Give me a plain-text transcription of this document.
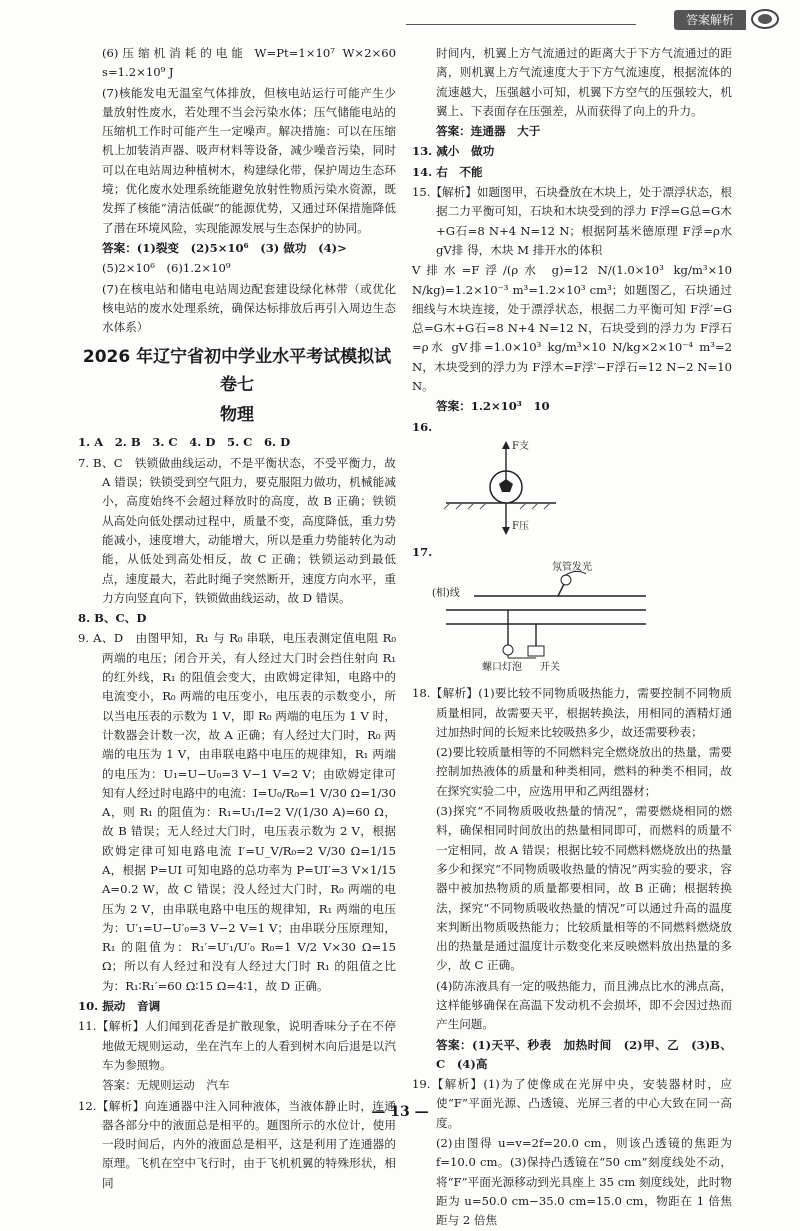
答案解析

(6)压缩机消耗的电能 W=Pt=1×10⁷ W×2×60 s=1.2×10⁹ J

(7)核能发电无温室气体排放，但核电站运行可能产生少量放射性废水，若处理不当会污染水体；压气储能电站的压缩机工作时可能产生一定噪声。解决措施：可以在压缩机上加装消声器、吸声材料等设备，减少噪音污染，同时可以在电站周边种植树木，构建绿化带，保护周边生态环境；优化废水处理系统能避免放射性物质污染水资源，既发挥了核能“清洁低碳”的能源优势，又通过环保措施降低了潜在环境风险，实现能源发展与生态保护的协同。

答案：(1)裂变　(2)5×10⁶　(3) 做功　(4)>

(5)2×10⁶　(6)1.2×10⁹

(7)在核电站和储电电站周边配套建设绿化林带（或优化核电站的废水处理系统，确保达标排放后再引入周边生态水体系）

2026 年辽宁省初中学业水平考试模拟试卷七
物理

1. A　2. B　3. C　4. D　5. C　6. D

7. B、C　铁锁做曲线运动，不是平衡状态，不受平衡力，故 A 错误；铁锁受到空气阻力，要克服阻力做功，机械能减小，高度始终不会超过释放时的高度，故 B 正确；铁锁从高处向低处摆动过程中，质量不变，高度降低，重力势能减小，速度增大，动能增大，所以是重力势能转化为动能，从低处到高处相反，故 C 正确；铁锁运动到最低点，速度最大，若此时绳子突然断开，速度方向水平，重力方向竖直向下，铁锁做曲线运动，故 D 错误。

8. B、C、D

9. A、D　由图甲知，R₁ 与 R₀ 串联，电压表测定值电阻 R₀ 两端的电压；闭合开关，有人经过大门时会挡住射向 R₁ 的红外线，R₁ 的阻值会变大，由欧姆定律知，电路中的电流变小，R₀ 两端的电压变小，电压表的示数变小，所以当电压表的示数为 1 V，即 R₀ 两端的电压为 1 V 时，计数器会计数一次，故 A 正确；有人经过大门时，R₀ 两端的电压为 1 V，由串联电路中电压的规律知，R₁ 两端的电压为：U₁=U−U₀=3 V−1 V=2 V；由欧姆定律可知有人经过时电路中的电流：I=U₀/R₀=1 V/30 Ω=1/30 A，则 R₁ 的阻值为：R₁=U₁/I=2 V/(1/30 A)=60 Ω，故 B 错误；无人经过大门时，电压表示数为 2 V，根据欧姆定律可知电路电流 I′=U_V/R₀=2 V/30 Ω=1/15 A，根据 P=UI 可知电路的总功率为 P=UI′=3 V×1/15 A=0.2 W，故 C 错误；没人经过大门时，R₀ 两端的电压为 2 V，由串联电路中电压的规律知，R₁ 两端的电压为：U′₁=U−U′₀=3 V−2 V=1 V；由串联分压原理知，R₁ 的阻值为：R₁′=U′₁/U′₀ R₀=1 V/2 V×30 Ω=15 Ω；所以有人经过和没有人经过大门时 R₁ 的阻值之比为：R₁∶R₁′=60 Ω∶15 Ω=4∶1，故 D 正确。

10. 振动　音调

11.【解析】人们闻到花香是扩散现象，说明香味分子在不停地做无规则运动，坐在汽车上的人看到树木向后退是以汽车为参照物。

答案：无规则运动　汽车

12.【解析】向连通器中注入同种液体，当液体静止时，连通器各部分中的液面总是相平的。题图所示的水位计，使用一段时间后，内外的液面总是相平，这是利用了连通器的原理。飞机在空中飞行时，由于飞机机翼的特殊形状，相同

时间内，机翼上方气流通过的距离大于下方气流通过的距离，则机翼上方气流速度大于下方气流速度，根据流体的流速越大，压强越小可知，机翼下方空气的压强较大，机翼上、下表面存在压强差，从而获得了向上的升力。

答案：连通器　大于

13. 减小　做功

14. 右　不能

15.【解析】如题图甲，石块叠放在木块上，处于漂浮状态，根据二力平衡可知，石块和木块受到的浮力 F浮=G总=G木+G石=8 N+4 N=12 N；根据阿基米德原理 F浮=ρ水 gV排 得，木块 M 排开水的体积

V排水=F浮/(ρ水 g)=12 N/(1.0×10³ kg/m³×10 N/kg)=1.2×10⁻³ m³=1.2×10³ cm³；如题图乙，石块通过细线与木块连接，处于漂浮状态，根据二力平衡可知 F浮′=G总=G木+G石=8 N+4 N=12 N，石块受到的浮力为 F浮石=ρ水 gV排=1.0×10³ kg/m³×10 N/kg×2×10⁻⁴ m³=2 N，木块受到的浮力为 F浮木=F浮′−F浮石=12 N−2 N=10 N。

答案：1.2×10³　10

16.
F支
F压
17.
氖管发光
(相)线
螺口灯泡 开关

18.【解析】(1)要比较不同物质吸热能力，需要控制不同物质质量相同，故需要天平，根据转换法，用相同的酒精灯通过加热时间的长短来比较吸热多少，故还需要秒表；

(2)要比较质量相等的不同燃料完全燃烧放出的热量，需要控制加热液体的质量和种类相同，燃料的种类不相同，故在探究实验二中，应选用甲和乙两组器材；

(3)探究“不同物质吸收热量的情况”，需要燃烧相同的燃料，确保相同时间放出的热量相同即可，而燃料的质量不一定相同，故 A 错误；根据比较不同燃料燃烧放出的热量多少和探究“不同物质吸收热量的情况”两实验的要求，容器中被加热物质的质量都要相同，故 B 正确；根据转换法，探究“不同物质吸收热量的情况”可以通过升高的温度来判断出物质吸热能力；比较质量相等的不同燃料燃烧放出的热量是通过温度计示数变化来反映燃料放出热量的多少，故 C 正确。

(4)防冻液具有一定的吸热能力，而且沸点比水的沸点高，这样能够确保在高温下发动机不会损坏，即不会因过热而产生问题。

答案：(1)天平、秒表　加热时间　(2)甲、乙　(3)B、C　(4)高

19.【解析】(1)为了使像成在光屏中央，安装器材时，应使“F”平面光源、凸透镜、光屏三者的中心大致在同一高度。

(2)由图得 u=v=2f=20.0 cm，则该凸透镜的焦距为 f=10.0 cm。(3)保持凸透镜在“50 cm”刻度线处不动，将“F”平面光源移动到光具座上 35 cm 刻度线处，此时物距为 u=50.0 cm−35.0 cm=15.0 cm，物距在 1 倍焦距与 2 倍焦

— 13 —
